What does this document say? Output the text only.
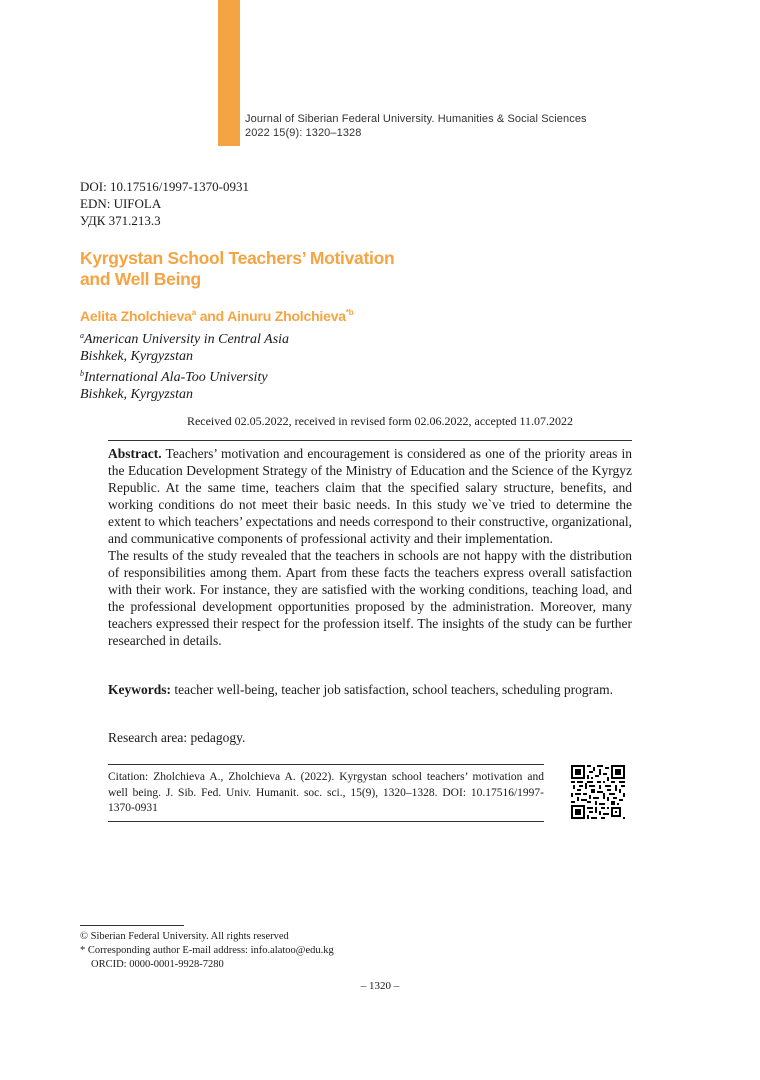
Journal of Siberian Federal University. Humanities & Social Sciences
2022 15(9): 1320–1328
DOI: 10.17516/1997-1370-0931
EDN: UIFOLA
УДК 371.213.3
Kyrgystan School Teachers’ Motivation
and Well Being
Aelita Zholchieva$^a$ and Ainuru Zholchieva$^{*b}$
$^a$American University in Central Asia
Bishkek, Kyrgyzstan
$^b$International Ala-Too University
Bishkek, Kyrgyzstan
Received 02.05.2022, received in revised form 02.06.2022, accepted 11.07.2022

Abstract. Teachers’ motivation and encouragement is considered as one of the priority areas in the Education Development Strategy of the Ministry of Education and the Science of the Kyrgyz Republic. At the same time, teachers claim that the specified salary structure, benefits, and working conditions do not meet their basic needs. In this study we`ve tried to determine the extent to which teachers’ expectations and needs correspond to their constructive, organizational, and communicative components of professional activity and their implementation.

The results of the study revealed that the teachers in schools are not happy with the distribution of responsibilities among them. Apart from these facts the teachers express overall satisfaction with their work. For instance, they are satisfied with the working conditions, teaching load, and the professional development opportunities proposed by the administration. Moreover, many teachers expressed their respect for the profession itself. The insights of the study can be further researched in details.

Keywords: teacher well-being, teacher job satisfaction, school teachers, scheduling program.
Research area: pedagogy.
Citation: Zholchieva A., Zholchieva A. (2022). Kyrgystan school teachers’ motivation and well being. J. Sib. Fed. Univ. Humanit. soc. sci., 15(9), 1320–1328. DOI: 10.17516/1997-1370-0931
© Siberian Federal University. All rights reserved
* Corresponding author E-mail address: info.alatoo@edu.kg
ORCID: 0000-0001-9928-7280
– 1320 –
